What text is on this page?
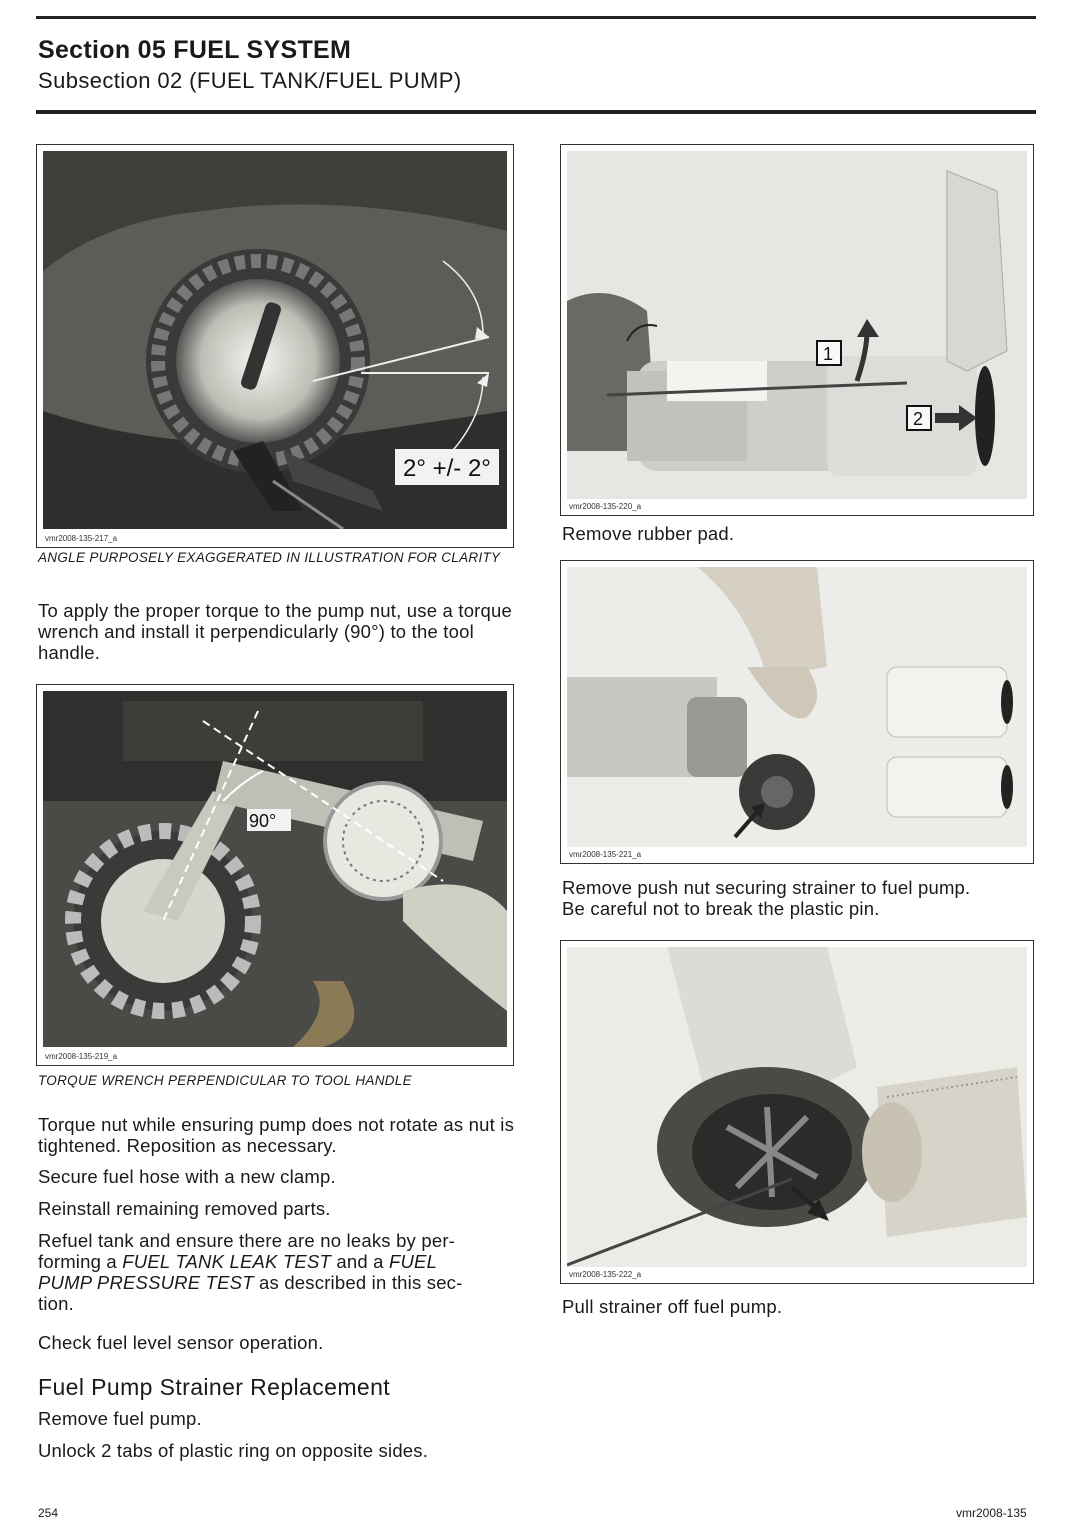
Section 05 FUEL SYSTEM
Subsection 02 (FUEL TANK/FUEL PUMP)
2° +/- 2°
vmr2008-135-217_a
ANGLE PURPOSELY EXAGGERATED IN ILLUSTRATION FOR CLARITY
To apply the proper torque to the pump nut, use a torque wrench and install it perpendicularly (90°) to the tool handle.
90°
vmr2008-135-219_a
TORQUE WRENCH PERPENDICULAR TO TOOL HANDLE
Torque nut while ensuring pump does not rotate as nut is tightened. Reposition as necessary.
Secure fuel hose with a new clamp.
Reinstall remaining removed parts.
Refuel tank and ensure there are no leaks by per-
forming a FUEL TANK LEAK TEST and a FUEL
PUMP PRESSURE TEST as described in this sec-
tion.
Check fuel level sensor operation.
Fuel Pump Strainer Replacement
Remove fuel pump.
Unlock 2 tabs of plastic ring on opposite sides.
1
2
vmr2008-135-220_a
Remove rubber pad.
vmr2008-135-221_a
Remove push nut securing strainer to fuel pump.
Be careful not to break the plastic pin.
vmr2008-135-222_a
Pull strainer off fuel pump.
254	vmr2008-135
